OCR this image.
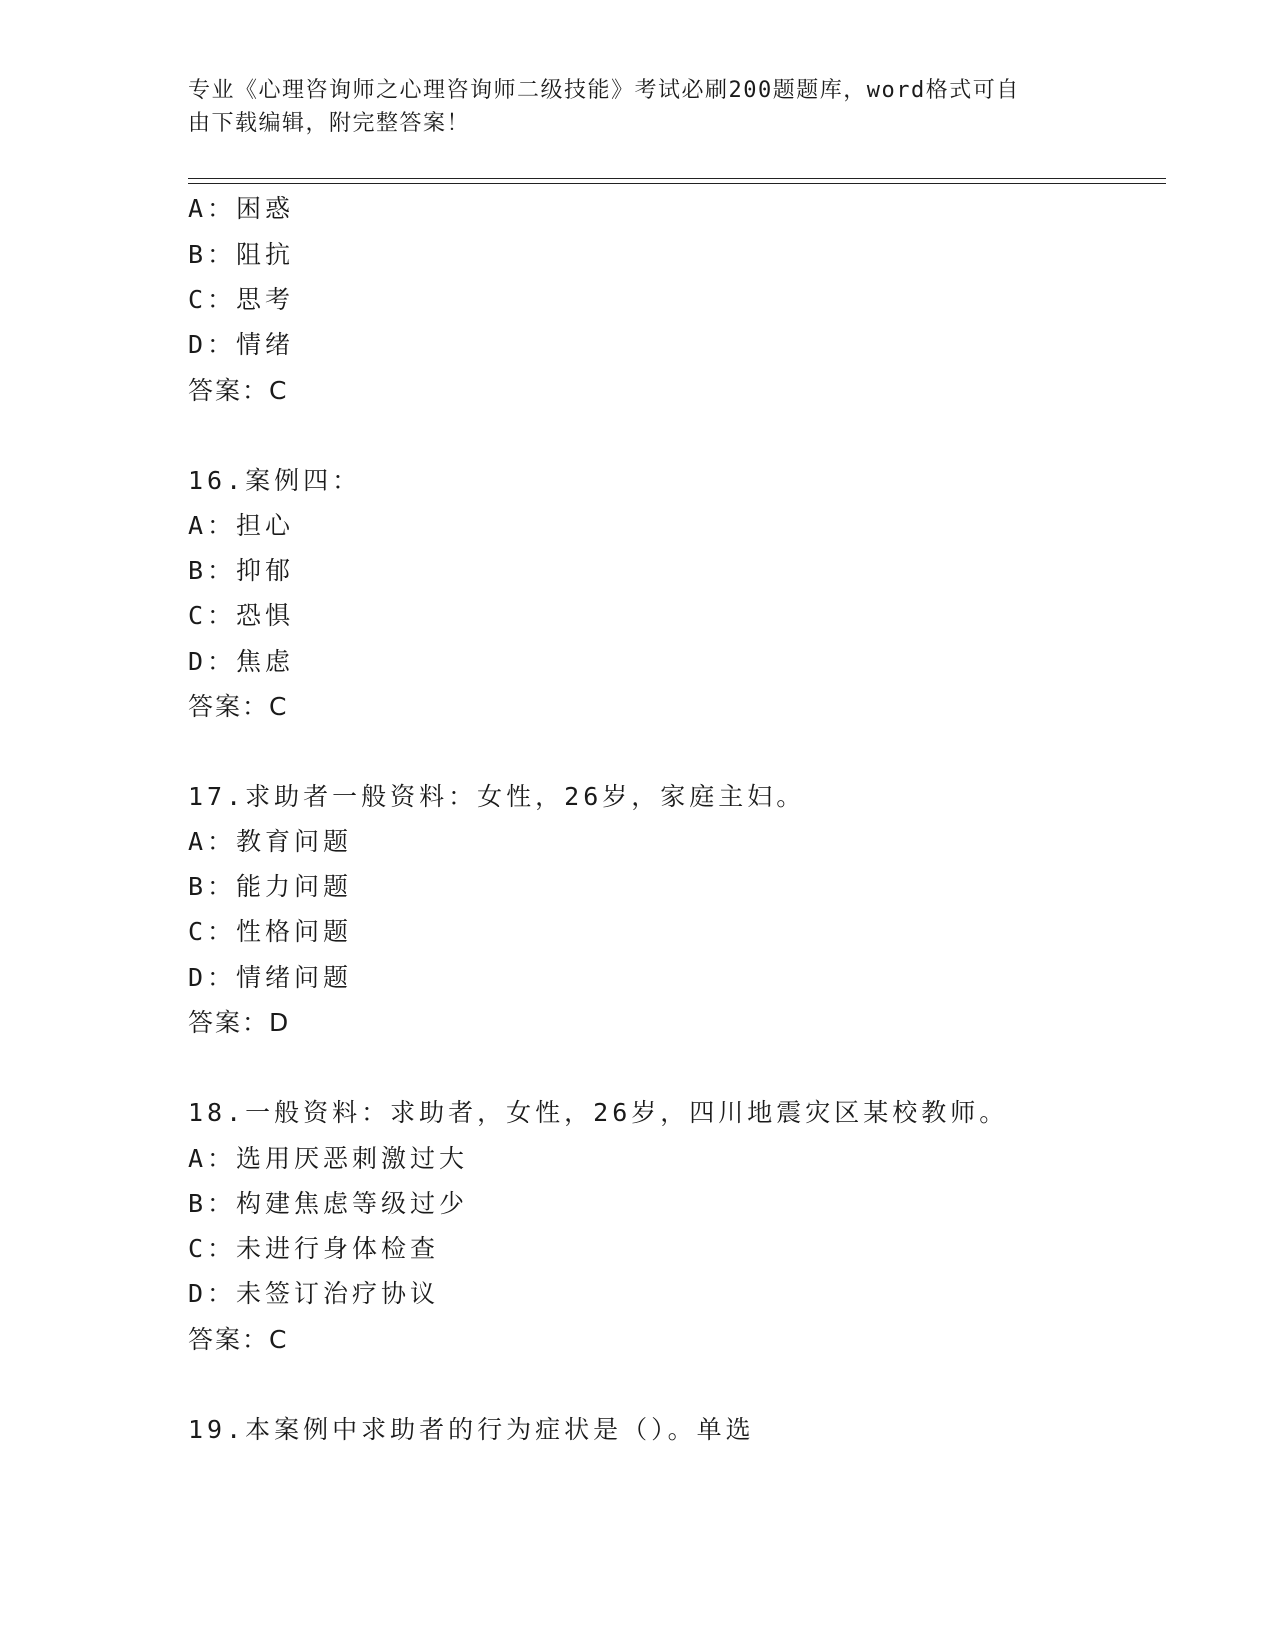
专业《心理咨询师之心理咨询师二级技能》考试必刷200题题库，word格式可自
由下载编辑，附完整答案！
A：困惑
B：阻抗
C：思考
D：情绪
答案：C
16.案例四：
A：担心
B：抑郁
C：恐惧
D：焦虑
答案：C
17.求助者一般资料：女性，26岁，家庭主妇。
A：教育问题
B：能力问题
C：性格问题
D：情绪问题
答案：D
18.一般资料：求助者，女性，26岁，四川地震灾区某校教师。
A：选用厌恶刺激过大
B：构建焦虑等级过少
C：未进行身体检查
D：未签订治疗协议
答案：C
19.本案例中求助者的行为症状是（）。单选
